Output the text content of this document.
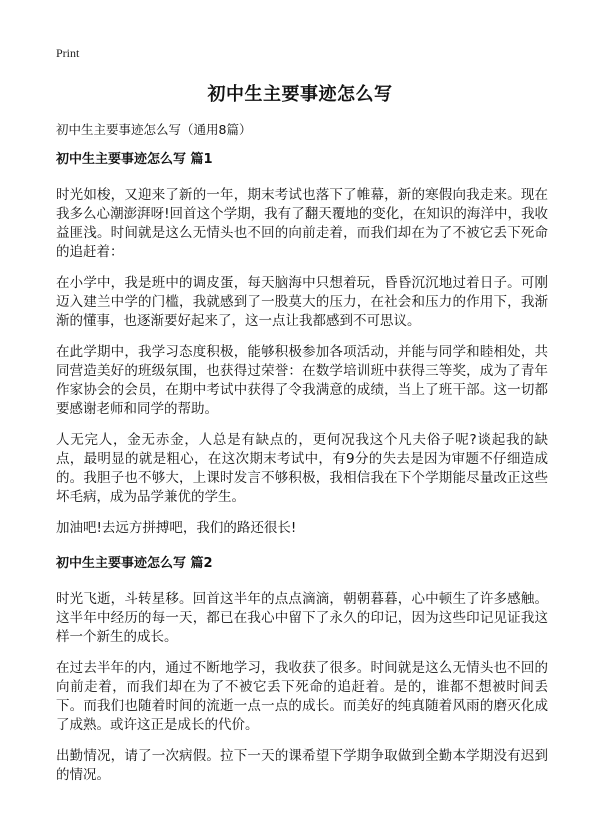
Print
初中生主要事迹怎么写

初中生主要事迹怎么写（通用8篇）

初中生主要事迹怎么写 篇1

时光如梭，又迎来了新的一年，期末考试也落下了帷幕，新的寒假向我走来。现在我多么心潮澎湃呀!回首这个学期，我有了翻天覆地的变化，在知识的海洋中，我收益匪浅。时间就是这么无情头也不回的向前走着，而我们却在为了不被它丢下死命的追赶着：

在小学中，我是班中的调皮蛋，每天脑海中只想着玩，昏昏沉沉地过着日子。可刚迈入建兰中学的门槛，我就感到了一股莫大的压力，在社会和压力的作用下，我渐渐的懂事，也逐渐要好起来了，这一点让我都感到不可思议。

在此学期中，我学习态度积极，能够积极参加各项活动，并能与同学和睦相处，共同营造美好的班级氛围，也获得过荣誉：在数学培训班中获得三等奖，成为了青年作家协会的会员，在期中考试中获得了令我满意的成绩，当上了班干部。这一切都要感谢老师和同学的帮助。

人无完人，金无赤金，人总是有缺点的，更何况我这个凡夫俗子呢?谈起我的缺点，最明显的就是粗心，在这次期末考试中，有9分的失去是因为审题不仔细造成的。我胆子也不够大，上课时发言不够积极，我相信我在下个学期能尽量改正这些坏毛病，成为品学兼优的学生。

加油吧!去远方拼搏吧，我们的路还很长!

初中生主要事迹怎么写 篇2

时光飞逝，斗转星移。回首这半年的点点滴滴，朝朝暮暮，心中顿生了许多感触。这半年中经历的每一天，都已在我心中留下了永久的印记，因为这些印记见证我这样一个新生的成长。

在过去半年的内，通过不断地学习，我收获了很多。时间就是这么无情头也不回的向前走着，而我们却在为了不被它丢下死命的追赶着。是的，谁都不想被时间丢下。而我们也随着时间的流逝一点一点的成长。而美好的纯真随着风雨的磨灭化成了成熟。或许这正是成长的代价。

出勤情况，请了一次病假。拉下一天的课希望下学期争取做到全勤本学期没有迟到的情况。
